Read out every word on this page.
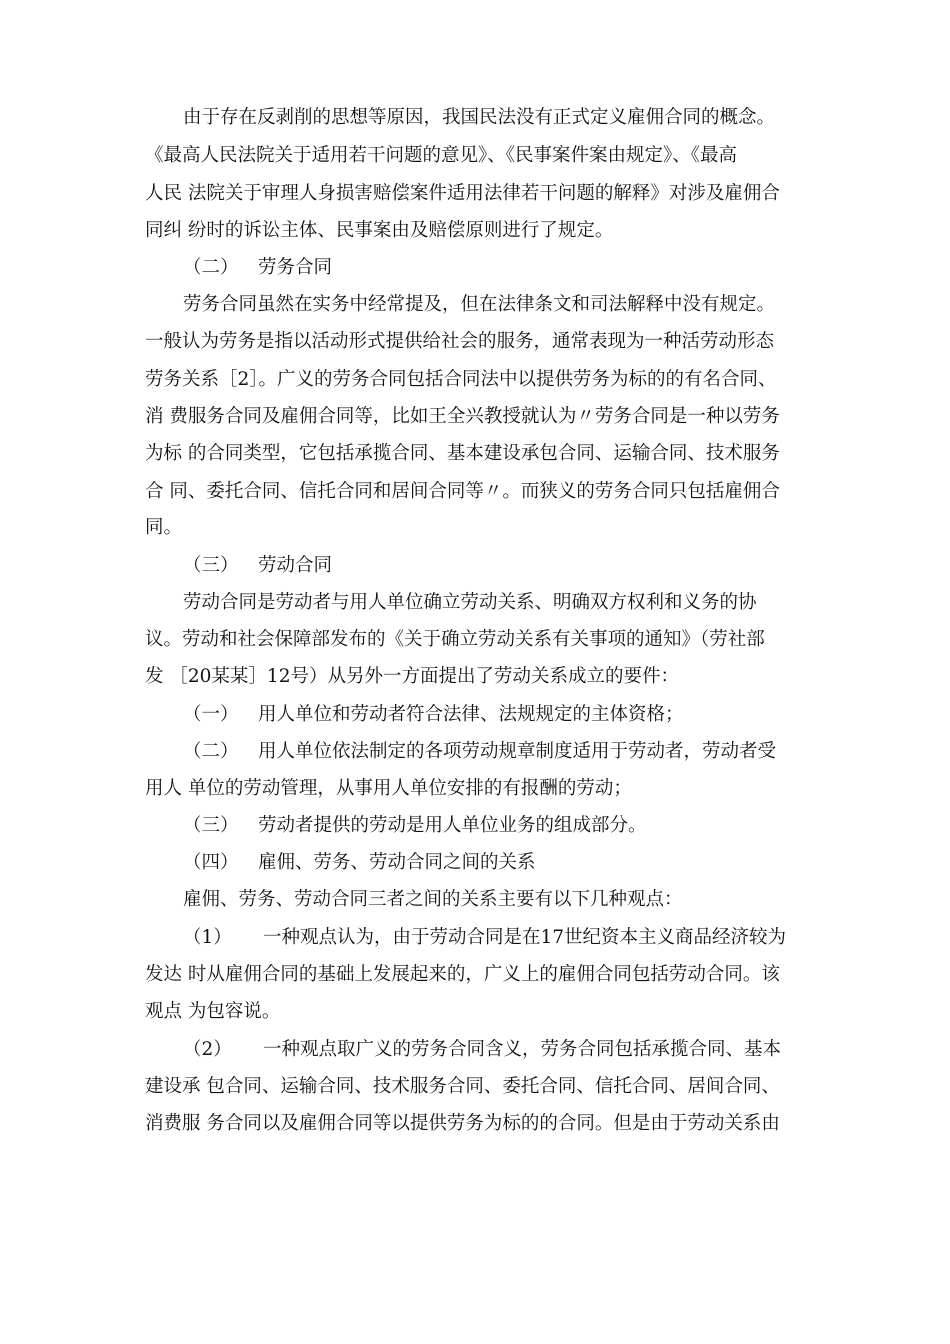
由于存在反剥削的思想等原因，我国民法没有正式定义雇佣合同的概念。
《最高人民法院关于适用若干问题的意见》、《民事案件案由规定》、《最高
人民 法院关于审理人身损害赔偿案件适用法律若干问题的解释》对涉及雇佣合
同纠 纷时的诉讼主体、民事案由及赔偿原则进行了规定。
（二） 劳务合同
劳务合同虽然在实务中经常提及，但在法律条文和司法解释中没有规定。
一般认为劳务是指以活动形式提供给社会的服务，通常表现为一种活劳动形态
劳务关系［2］。广义的劳务合同包括合同法中以提供劳务为标的的有名合同、
消 费服务合同及雇佣合同等，比如王全兴教授就认为〃劳务合同是一种以劳务
为标 的合同类型，它包括承揽合同、基本建设承包合同、运输合同、技术服务
合 同、委托合同、信托合同和居间合同等〃。而狭义的劳务合同只包括雇佣合
同。
（三） 劳动合同
劳动合同是劳动者与用人单位确立劳动关系、明确双方权利和义务的协
议。劳动和社会保障部发布的《关于确立劳动关系有关事项的通知》（劳社部
发 ［20某某］12号）从另外一方面提出了劳动关系成立的要件：
（一） 用人单位和劳动者符合法律、法规规定的主体资格；
（二） 用人单位依法制定的各项劳动规章制度适用于劳动者，劳动者受
用人 单位的劳动管理，从事用人单位安排的有报酬的劳动；
（三） 劳动者提供的劳动是用人单位业务的组成部分。
（四） 雇佣、劳务、劳动合同之间的关系
雇佣、劳务、劳动合同三者之间的关系主要有以下几种观点：
（1） 一种观点认为，由于劳动合同是在17世纪资本主义商品经济较为
发达 时从雇佣合同的基础上发展起来的，广义上的雇佣合同包括劳动合同。该
观点 为包容说。
（2） 一种观点取广义的劳务合同含义，劳务合同包括承揽合同、基本
建设承 包合同、运输合同、技术服务合同、委托合同、信托合同、居间合同、
消费服 务合同以及雇佣合同等以提供劳务为标的的合同。但是由于劳动关系由
